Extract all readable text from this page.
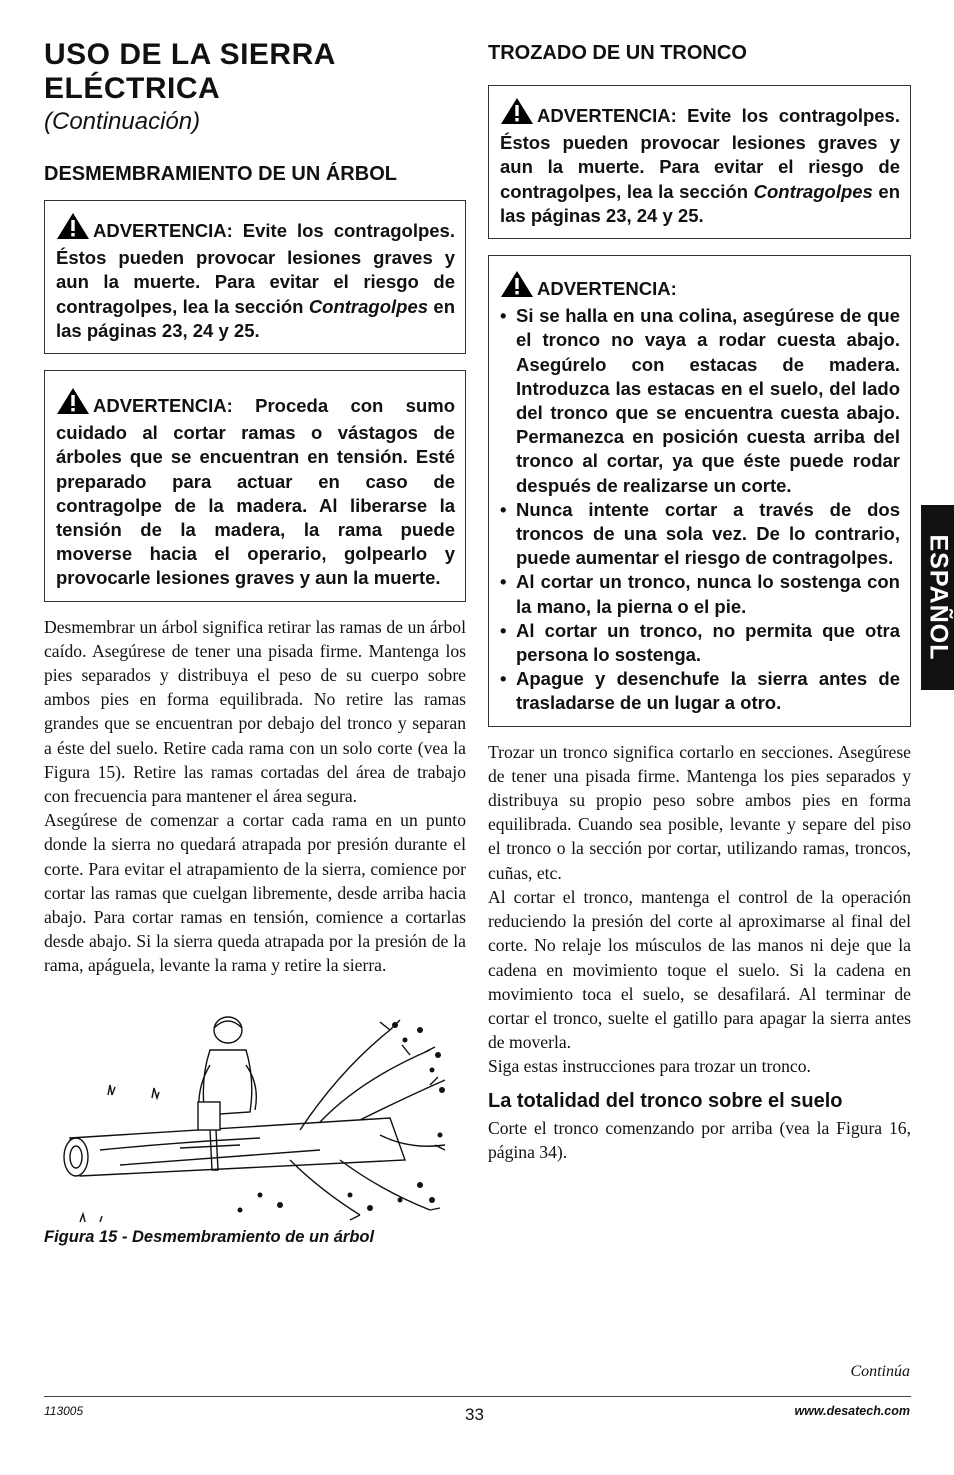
USO DE LA SIERRA
ELÉCTRICA
(Continuación)
DESMEMBRAMIENTO DE UN ÁRBOL
ADVERTENCIA: Evite los contragolpes. Éstos pueden provocar lesiones graves y aun la muerte. Para evitar el riesgo de contragolpes, lea la sección Contragolpes en las páginas 23, 24 y 25.
ADVERTENCIA: Proceda con sumo cuidado al cortar ramas o vástagos de árboles que se encuentran en tensión. Esté preparado para actuar en caso de contragolpe de la madera. Al liberarse la tensión de la madera, la rama puede moverse hacia el operario, golpearlo y provocarle lesiones graves y aun la muerte.

Desmembrar un árbol significa retirar las ramas de un árbol caído. Asegúrese de tener una pisada firme. Mantenga los pies separados y distribuya el peso de su cuerpo sobre ambos pies en forma equilibrada. No retire las ramas grandes que se encuentran por debajo del tronco y separan a éste del suelo. Retire cada rama con un solo corte (vea la Figura 15). Retire las ramas cortadas del área de trabajo con frecuencia para mantener el área segura.

Asegúrese de comenzar a cortar cada rama en un punto donde la sierra no quedará atrapada por presión durante el corte. Para evitar el atrapamiento de la sierra, comience por cortar las ramas que cuelgan libremente, desde arriba hacia abajo. Para cortar ramas en tensión, comience a cortarlas desde abajo. Si la sierra queda atrapada por la presión de la rama, apáguela, levante la rama y retire la sierra.

Figura 15 - Desmembramiento de un árbol
TROZADO DE UN TRONCO
ADVERTENCIA: Evite los contragolpes. Éstos pueden provocar lesiones graves y aun la muerte. Para evitar el riesgo de contragolpes, lea la sección Contragolpes en las páginas 23, 24 y 25.
ADVERTENCIA:
• Si se halla en una colina, asegúrese de que el tronco no vaya a rodar cuesta abajo. Asegúrelo con estacas de madera. Introduzca las estacas en el suelo, del lado del tronco que se encuentra cuesta abajo. Permanezca en posición cuesta arriba del tronco al cortar, ya que éste puede rodar después de realizarse un corte.
• Nunca intente cortar a través de dos troncos de una sola vez. De lo contrario, puede aumentar el riesgo de contragolpes.
• Al cortar un tronco, nunca lo sostenga con la mano, la pierna o el pie.
• Al cortar un tronco, no permita que otra persona lo sostenga.
• Apague y desenchufe la sierra antes de trasladarse de un lugar a otro.

Trozar un tronco significa cortarlo en secciones. Asegúrese de tener una pisada firme. Mantenga los pies separados y distribuya su propio peso sobre ambos pies en forma equilibrada. Cuando sea posible, levante y separe del piso el tronco o la sección por cortar, utilizando ramas, troncos, cuñas, etc.

Al cortar el tronco, mantenga el control de la operación reduciendo la presión del corte al aproximarse al final del corte. No relaje los músculos de las manos ni deje que la cadena en movimiento toque el suelo. Si la cadena en movimiento toca el suelo, se desafilará. Al terminar de cortar el tronco, suelte el gatillo para apagar la sierra antes de moverla.

Siga estas instrucciones para trozar un tronco.

La totalidad del tronco sobre el suelo
Corte el tronco comenzando por arriba (vea la Figura 16, página 34).
ESPAÑOL
Continúa
113005	33	www.desatech.com
